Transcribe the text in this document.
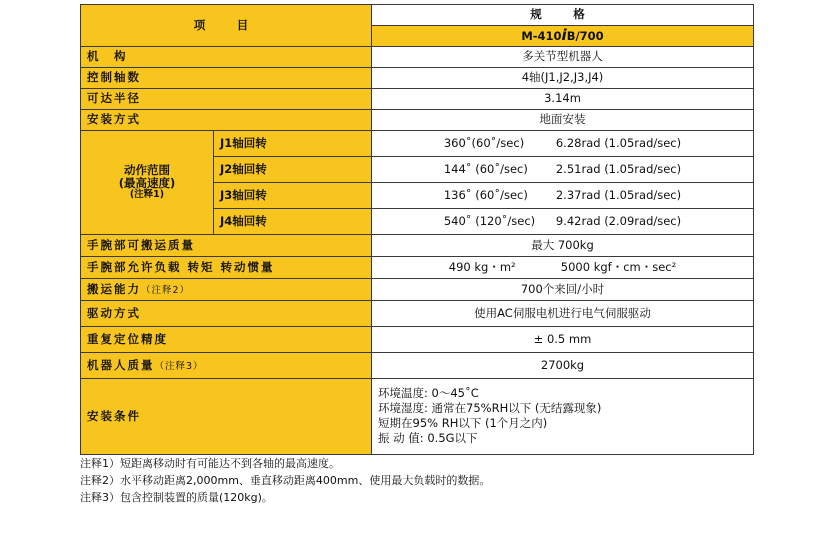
项　目		规　格
		M-410iB/700
机　构		多关节型机器人
控制轴数		4轴(J1,J2,J3,J4)
可达半径		3.14m
安装方式		地面安装

动作范围
(最高速度)
(注释1)	J1轴回转	360˚(60˚/sec) 6.28rad (1.05rad/sec)
	J2轴回转	144˚ (60˚/sec) 2.51rad (1.05rad/sec)
	J3轴回转	136˚ (60˚/sec) 2.37rad (1.05rad/sec)
	J4轴回转	540˚ (120˚/sec) 9.42rad (2.09rad/sec)
手腕部可搬运质量		最大 700kg
手腕部允许负载 转矩 转动惯量		490 kg・m² 5000 kgf・cm・sec²
搬运能力（注释2）		700个来回/小时
驱动方式		使用AC伺服电机进行电气伺服驱动
重复定位精度		± 0.5 mm
机器人质量（注释3）		2700kg
安装条件		环境温度: 0～45˚C
环境湿度: 通常在75%RH以下 (无结露现象)
短期在95% RH以下 (1个月之内)
振 动 值: 0.5G以下
注释1）短距离移动时有可能达不到各轴的最高速度。
注释2）水平移动距离2,000mm、垂直移动距离400mm、使用最大负载时的数据。
注释3）包含控制装置的质量(120kg)。
